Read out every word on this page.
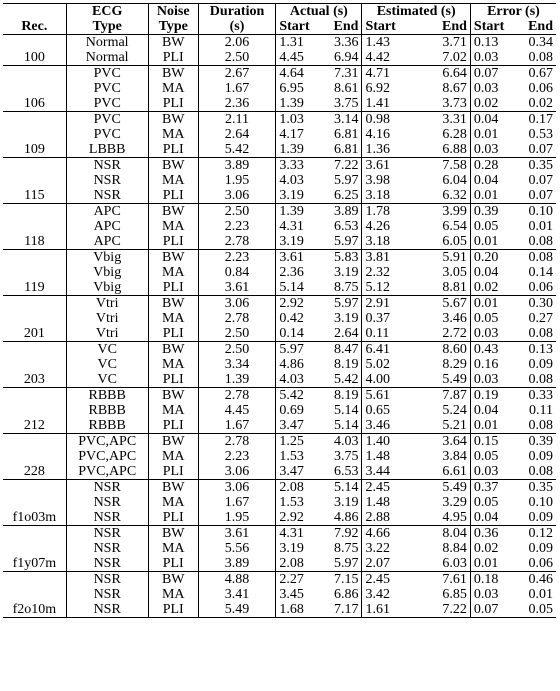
	ECG	Noise	Duration	Actual (s)		Estimated (s)		Error (s)	
Rec.	Type	Type	(s)	Start	End	Start	End	Start	End
100	Normal	BW	2.06	1.31	3.36	1.43	3.71	0.13	0.34
	Normal	PLI	2.50	4.45	6.94	4.42	7.02	0.03	0.08
106	PVC	BW	2.67	4.64	7.31	4.71	6.64	0.07	0.67
	PVC	MA	1.67	6.95	8.61	6.92	8.67	0.03	0.06
	PVC	PLI	2.36	1.39	3.75	1.41	3.73	0.02	0.02
109	PVC	BW	2.11	1.03	3.14	0.98	3.31	0.04	0.17
	PVC	MA	2.64	4.17	6.81	4.16	6.28	0.01	0.53
	LBBB	PLI	5.42	1.39	6.81	1.36	6.88	0.03	0.07
115	NSR	BW	3.89	3.33	7.22	3.61	7.58	0.28	0.35
	NSR	MA	1.95	4.03	5.97	3.98	6.04	0.04	0.07
	NSR	PLI	3.06	3.19	6.25	3.18	6.32	0.01	0.07
118	APC	BW	2.50	1.39	3.89	1.78	3.99	0.39	0.10
	APC	MA	2.23	4.31	6.53	4.26	6.54	0.05	0.01
	APC	PLI	2.78	3.19	5.97	3.18	6.05	0.01	0.08
119	Vbig	BW	2.23	3.61	5.83	3.81	5.91	0.20	0.08
	Vbig	MA	0.84	2.36	3.19	2.32	3.05	0.04	0.14
	Vbig	PLI	3.61	5.14	8.75	5.12	8.81	0.02	0.06
201	Vtri	BW	3.06	2.92	5.97	2.91	5.67	0.01	0.30
	Vtri	MA	2.78	0.42	3.19	0.37	3.46	0.05	0.27
	Vtri	PLI	2.50	0.14	2.64	0.11	2.72	0.03	0.08
203	VC	BW	2.50	5.97	8.47	6.41	8.60	0.43	0.13
	VC	MA	3.34	4.86	8.19	5.02	8.29	0.16	0.09
	VC	PLI	1.39	4.03	5.42	4.00	5.49	0.03	0.08
212	RBBB	BW	2.78	5.42	8.19	5.61	7.87	0.19	0.33
	RBBB	MA	4.45	0.69	5.14	0.65	5.24	0.04	0.11
	RBBB	PLI	1.67	3.47	5.14	3.46	5.21	0.01	0.08
228	PVC,APC	BW	2.78	1.25	4.03	1.40	3.64	0.15	0.39
	PVC,APC	MA	2.23	1.53	3.75	1.48	3.84	0.05	0.09
	PVC,APC	PLI	3.06	3.47	6.53	3.44	6.61	0.03	0.08
f1o03m	NSR	BW	3.06	2.08	5.14	2.45	5.49	0.37	0.35
	NSR	MA	1.67	1.53	3.19	1.48	3.29	0.05	0.10
	NSR	PLI	1.95	2.92	4.86	2.88	4.95	0.04	0.09
f1y07m	NSR	BW	3.61	4.31	7.92	4.66	8.04	0.36	0.12
	NSR	MA	5.56	3.19	8.75	3.22	8.84	0.02	0.09
	NSR	PLI	3.89	2.08	5.97	2.07	6.03	0.01	0.06
f2o10m	NSR	BW	4.88	2.27	7.15	2.45	7.61	0.18	0.46
	NSR	MA	3.41	3.45	6.86	3.42	6.85	0.03	0.01
	NSR	PLI	5.49	1.68	7.17	1.61	7.22	0.07	0.05
